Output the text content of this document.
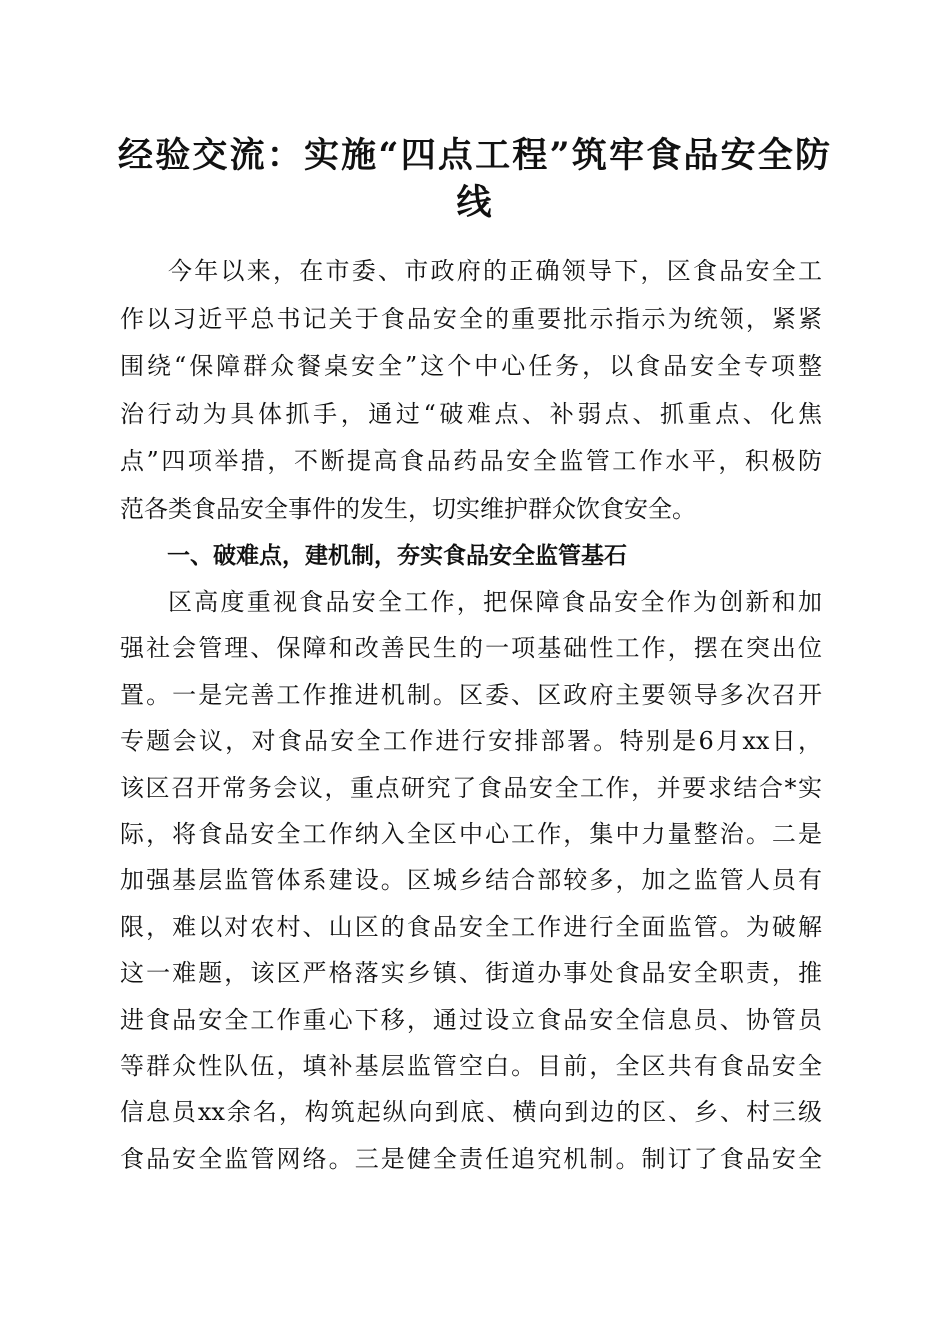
经验交流：实施“四点工程”筑牢食品安全防
线
今年以来，在市委、市政府的正确领导下，区食品安全工
作以习近平总书记关于食品安全的重要批示指示为统领，紧紧
围绕“保障群众餐桌安全”这个中心任务，以食品安全专项整
治行动为具体抓手，通过“破难点、补弱点、抓重点、化焦
点”四项举措，不断提高食品药品安全监管工作水平，积极防
范各类食品安全事件的发生，切实维护群众饮食安全。
一、破难点，建机制，夯实食品安全监管基石
区高度重视食品安全工作，把保障食品安全作为创新和加
强社会管理、保障和改善民生的一项基础性工作，摆在突出位
置。一是完善工作推进机制。区委、区政府主要领导多次召开
专题会议，对食品安全工作进行安排部署。特别是6月xx日，
该区召开常务会议，重点研究了食品安全工作，并要求结合*实
际，将食品安全工作纳入全区中心工作，集中力量整治。二是
加强基层监管体系建设。区城乡结合部较多，加之监管人员有
限，难以对农村、山区的食品安全工作进行全面监管。为破解
这一难题，该区严格落实乡镇、街道办事处食品安全职责，推
进食品安全工作重心下移，通过设立食品安全信息员、协管员
等群众性队伍，填补基层监管空白。目前，全区共有食品安全
信息员xx余名，构筑起纵向到底、横向到边的区、乡、村三级
食品安全监管网络。三是健全责任追究机制。制订了食品安全
